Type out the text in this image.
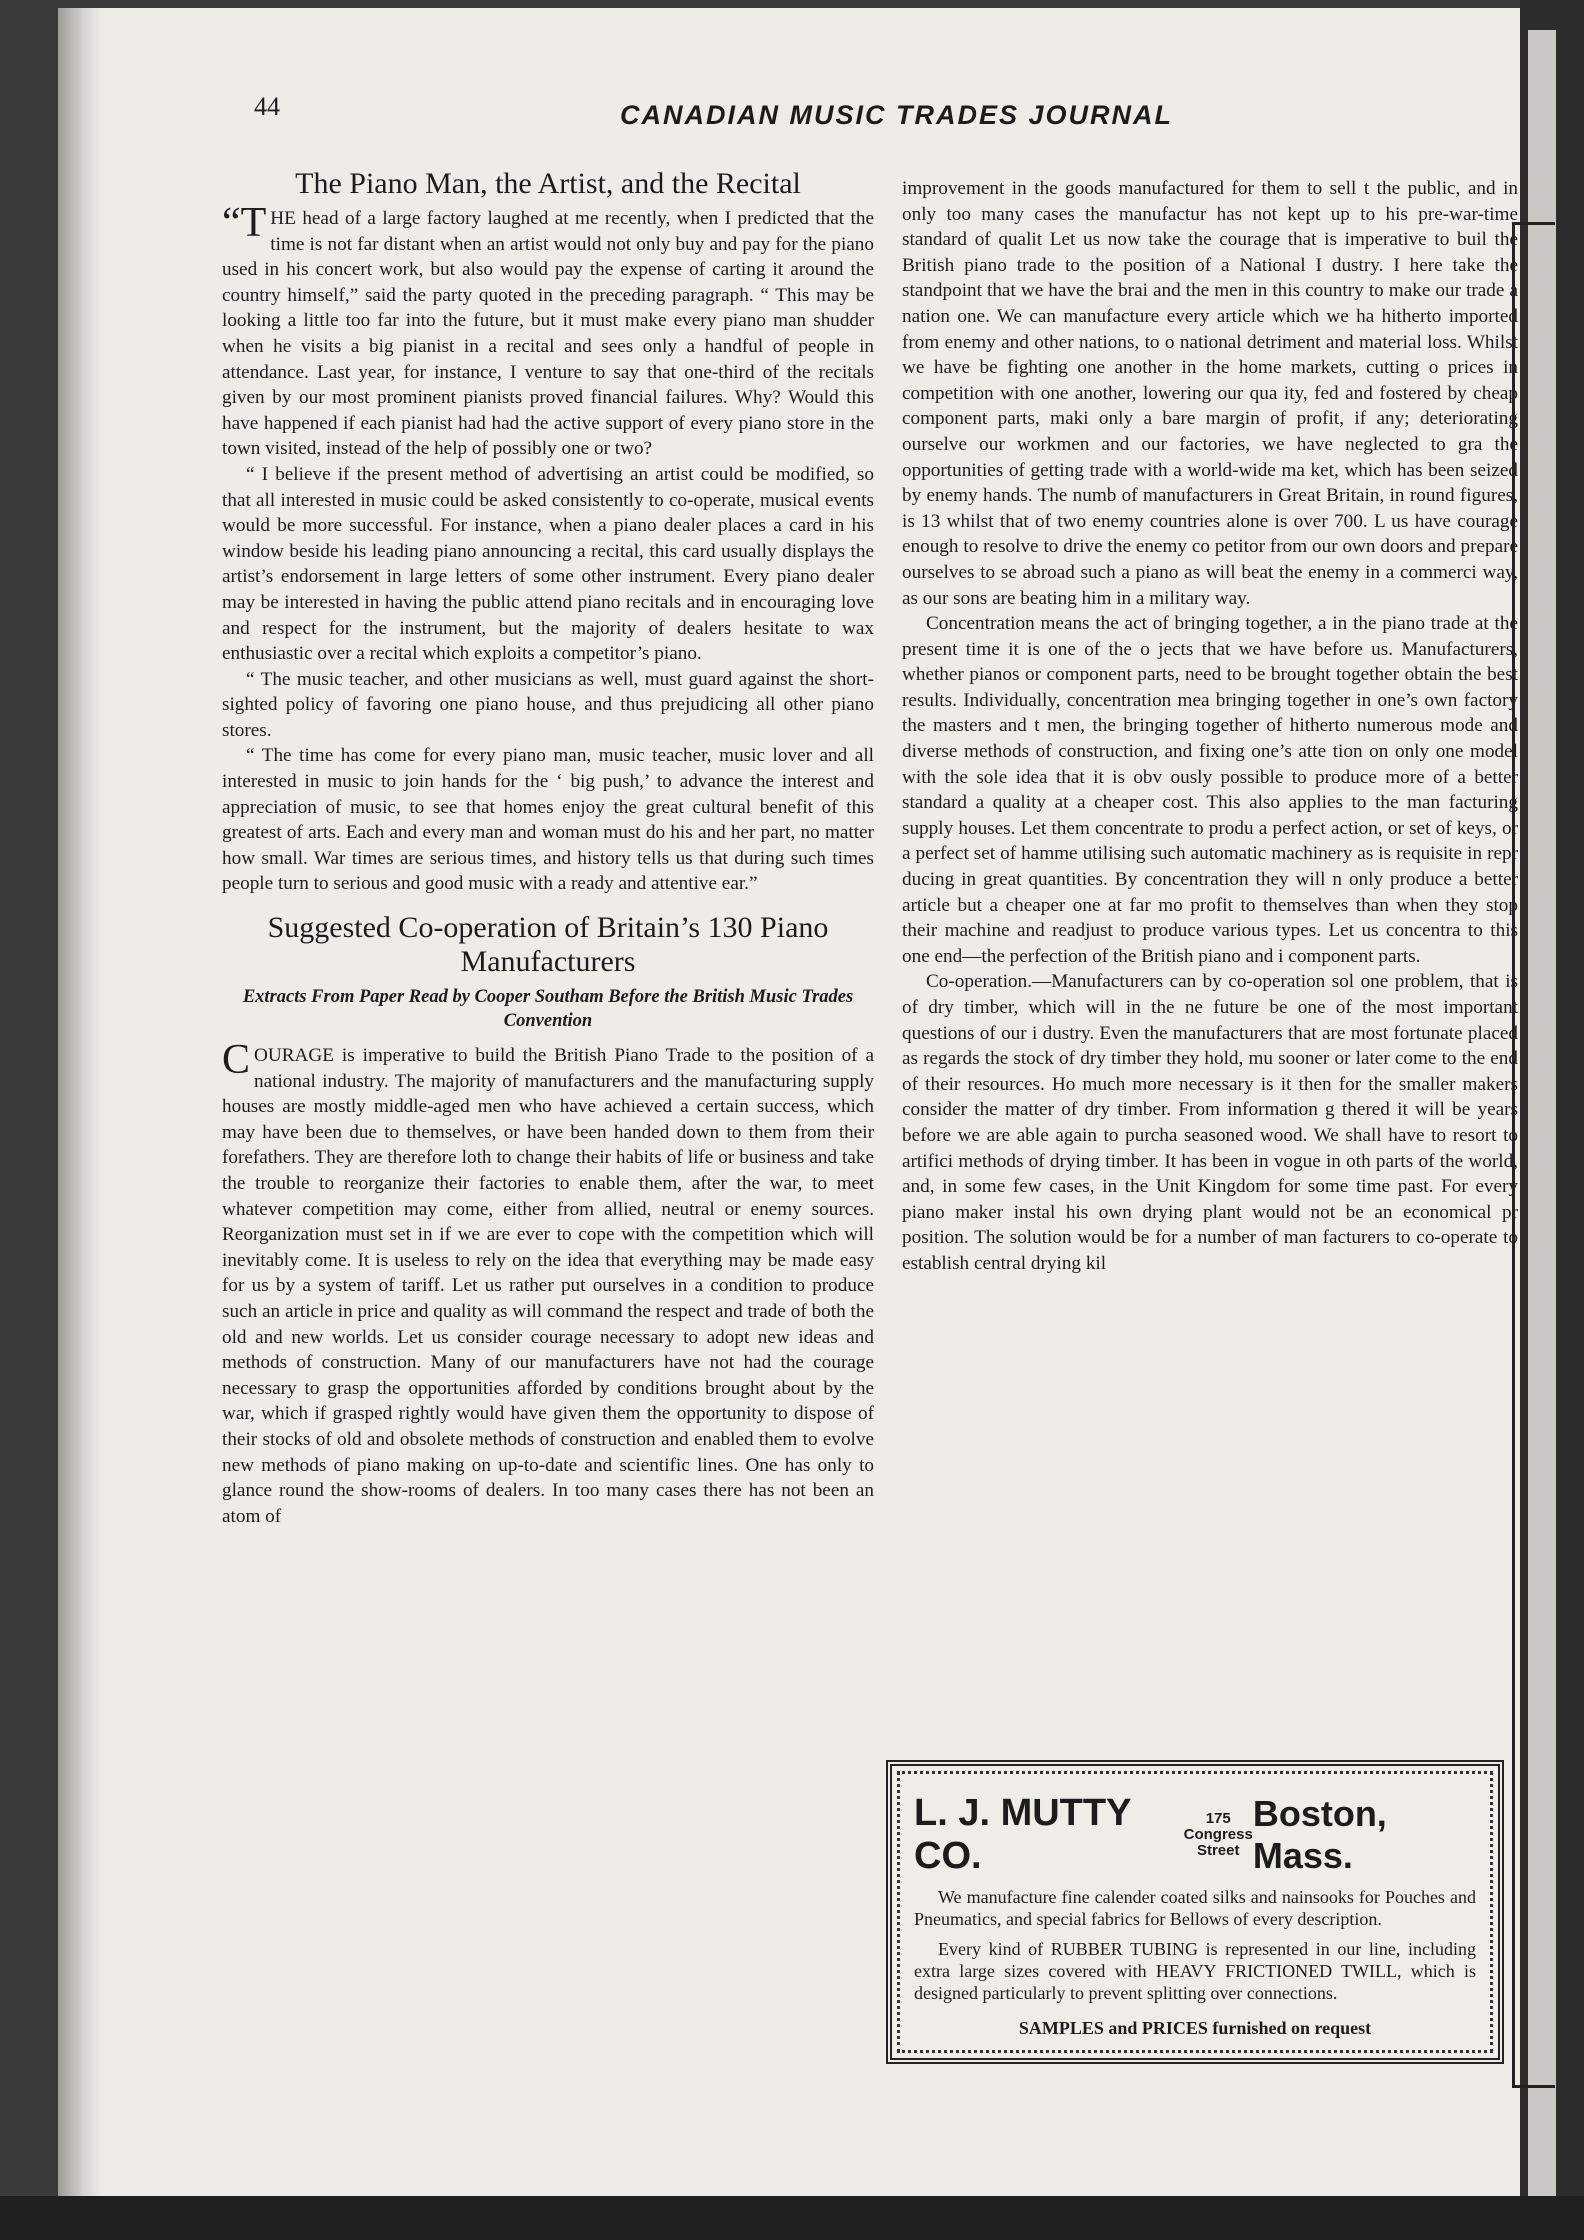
44	CANADIAN MUSIC TRADES JOURNAL
The Piano Man, the Artist, and the Recital

“THE head of a large factory laughed at me recently, when I predicted that the time is not far distant when an artist would not only buy and pay for the piano used in his concert work, but also would pay the expense of carting it around the country himself,” said the party quoted in the preceding paragraph. “ This may be looking a little too far into the future, but it must make every piano man shudder when he visits a big pianist in a recital and sees only a handful of people in attendance. Last year, for instance, I venture to say that one-third of the recitals given by our most prominent pianists proved financial failures. Why? Would this have happened if each pianist had had the active support of every piano store in the town visited, instead of the help of possibly one or two?

“ I believe if the present method of advertising an artist could be modified, so that all interested in music could be asked consistently to co-operate, musical events would be more successful. For instance, when a piano dealer places a card in his window beside his leading piano announcing a recital, this card usually displays the artist’s endorsement in large letters of some other instrument. Every piano dealer may be interested in having the public attend piano recitals and in encouraging love and respect for the instrument, but the majority of dealers hesitate to wax enthusiastic over a recital which exploits a competitor’s piano.

“ The music teacher, and other musicians as well, must guard against the short-sighted policy of favoring one piano house, and thus prejudicing all other piano stores.

“ The time has come for every piano man, music teacher, music lover and all interested in music to join hands for the ‘ big push,’ to advance the interest and appreciation of music, to see that homes enjoy the great cultural benefit of this greatest of arts. Each and every man and woman must do his and her part, no matter how small. War times are serious times, and history tells us that during such times people turn to serious and good music with a ready and attentive ear.”

Suggested Co-operation of Britain’s 130 Piano Manufacturers
Extracts From Paper Read by Cooper Southam Before the British Music Trades Convention

COURAGE is imperative to build the British Piano Trade to the position of a national industry. The majority of manufacturers and the manufacturing supply houses are mostly middle-aged men who have achieved a certain success, which may have been due to themselves, or have been handed down to them from their forefathers. They are therefore loth to change their habits of life or business and take the trouble to reorganize their factories to enable them, after the war, to meet whatever competition may come, either from allied, neutral or enemy sources. Reorganization must set in if we are ever to cope with the competition which will inevitably come. It is useless to rely on the idea that everything may be made easy for us by a system of tariff. Let us rather put ourselves in a condition to produce such an article in price and quality as will command the respect and trade of both the old and new worlds. Let us consider courage necessary to adopt new ideas and methods of construction. Many of our manufacturers have not had the courage necessary to grasp the opportunities afforded by conditions brought about by the war, which if grasped rightly would have given them the opportunity to dispose of their stocks of old and obsolete methods of construction and enabled them to evolve new methods of piano making on up-to-date and scientific lines. One has only to glance round the show-rooms of dealers. In too many cases there has not been an atom of

improvement in the goods manufactured for them to sell t the public, and in only too many cases the manufactur has not kept up to his pre-war-time standard of qualit Let us now take the courage that is imperative to buil the British piano trade to the position of a National I dustry. I here take the standpoint that we have the brai and the men in this country to make our trade a nation one. We can manufacture every article which we ha hitherto imported from enemy and other nations, to o national detriment and material loss. Whilst we have be fighting one another in the home markets, cutting o prices in competition with one another, lowering our qua ity, fed and fostered by cheap component parts, maki only a bare margin of profit, if any; deteriorating ourselve our workmen and our factories, we have neglected to gra the opportunities of getting trade with a world-wide ma ket, which has been seized by enemy hands. The numb of manufacturers in Great Britain, in round figures, is 13 whilst that of two enemy countries alone is over 700. L us have courage enough to resolve to drive the enemy co petitor from our own doors and prepare ourselves to se abroad such a piano as will beat the enemy in a commerci way, as our sons are beating him in a military way.

Concentration means the act of bringing together, a in the piano trade at the present time it is one of the o jects that we have before us. Manufacturers, whether pianos or component parts, need to be brought together obtain the best results. Individually, concentration mea bringing together in one’s own factory the masters and t men, the bringing together of hitherto numerous mode and diverse methods of construction, and fixing one’s atte tion on only one model with the sole idea that it is obv ously possible to produce more of a better standard a quality at a cheaper cost. This also applies to the man facturing supply houses. Let them concentrate to produ a perfect action, or set of keys, or a perfect set of hamme utilising such automatic machinery as is requisite in repr ducing in great quantities. By concentration they will n only produce a better article but a cheaper one at far mo profit to themselves than when they stop their machine and readjust to produce various types. Let us concentra to this one end—the perfection of the British piano and i component parts.

Co-operation.—Manufacturers can by co-operation sol one problem, that is of dry timber, which will in the ne future be one of the most important questions of our i dustry. Even the manufacturers that are most fortunate placed as regards the stock of dry timber they hold, mu sooner or later come to the end of their resources. Ho much more necessary is it then for the smaller makers consider the matter of dry timber. From information g thered it will be years before we are able again to purcha seasoned wood. We shall have to resort to artifici methods of drying timber. It has been in vogue in oth parts of the world, and, in some few cases, in the Unit Kingdom for some time past. For every piano maker instal his own drying plant would not be an economical pr position. The solution would be for a number of man facturers to co-operate to establish central drying kil

L. J. MUTTY CO.
175
Congress
Street
Boston, Mass.

We manufacture fine calender coated silks and nainsooks for Pouches and Pneumatics, and special fabrics for Bellows of every description.

Every kind of RUBBER TUBING is represented in our line, including extra large sizes covered with HEAVY FRICTIONED TWILL, which is designed particularly to prevent splitting over connections.

SAMPLES and PRICES furnished on request
